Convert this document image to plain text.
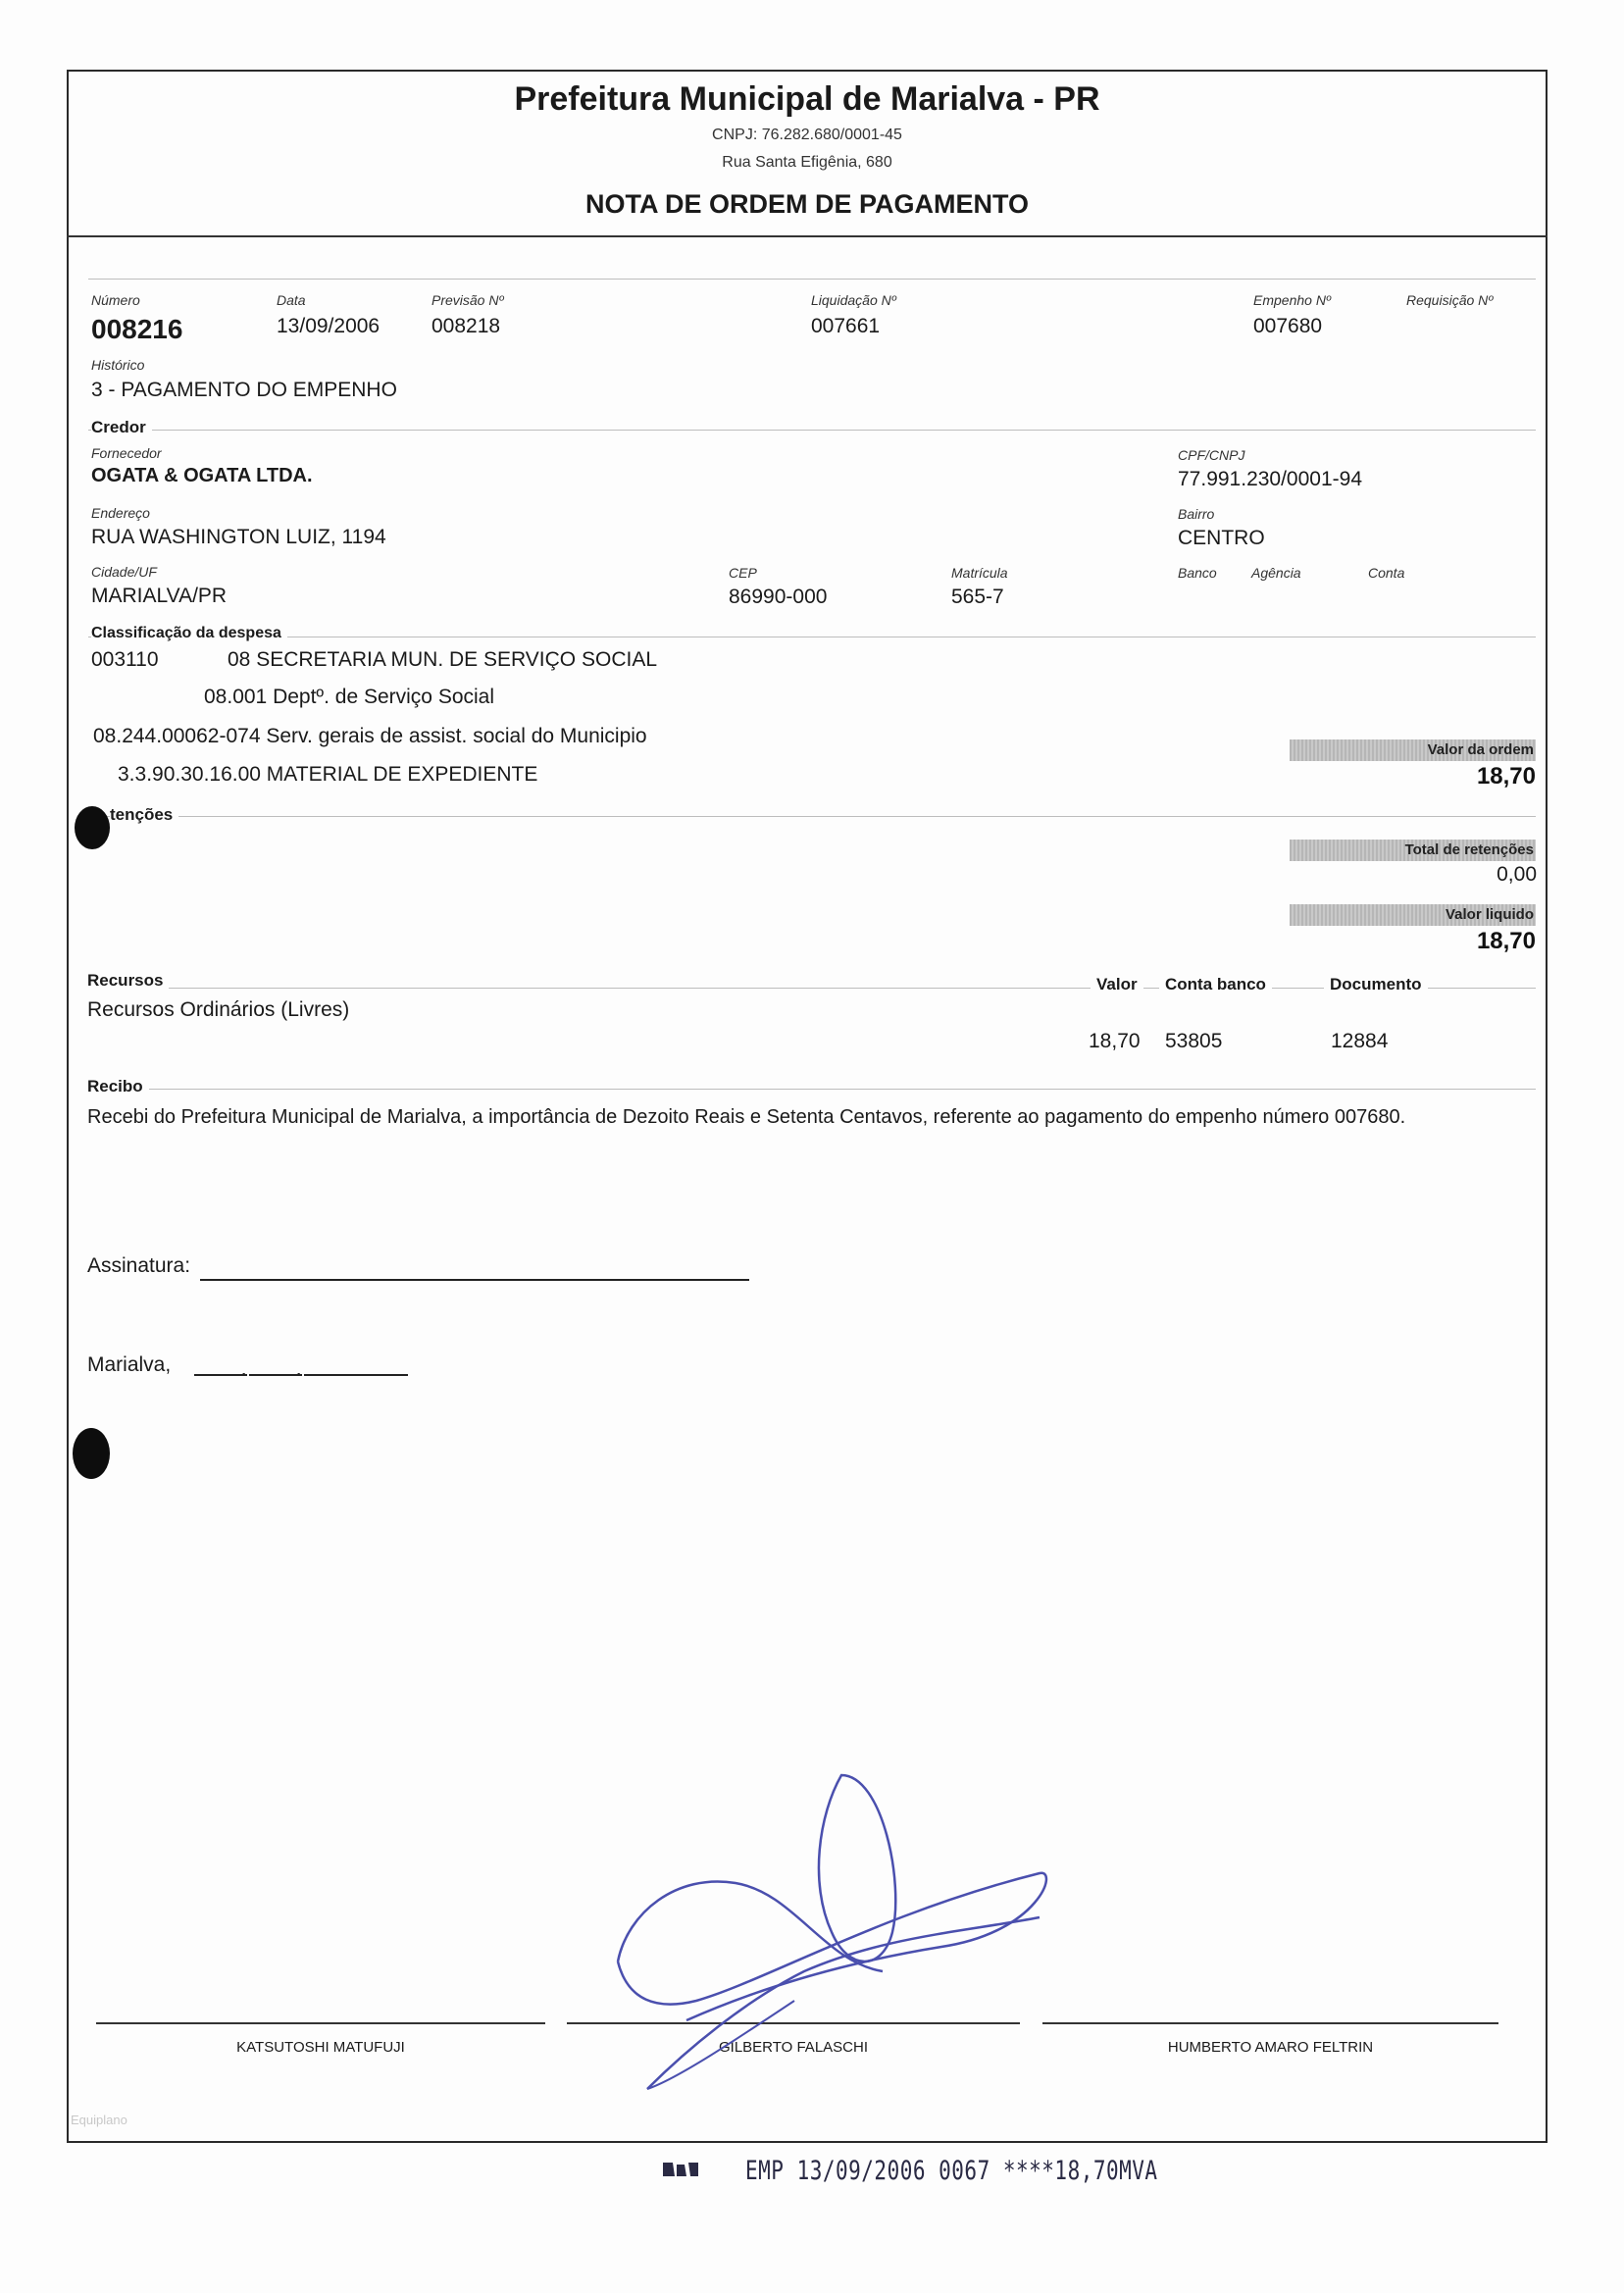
Prefeitura Municipal de Marialva - PR
CNPJ: 76.282.680/0001-45
Rua Santa Efigênia, 680
NOTA DE ORDEM DE PAGAMENTO
Número
008216
Data
13/09/2006
Previsão Nº
008218
Liquidação Nº
007661
Empenho Nº
007680
Requisição Nº
Histórico
3 - PAGAMENTO DO EMPENHO
Credor
Fornecedor
OGATA & OGATA LTDA.
CPF/CNPJ
77.991.230/0001-94
Endereço
RUA WASHINGTON LUIZ, 1194
Bairro
CENTRO
Cidade/UF
MARIALVA/PR
CEP
86990-000
Matrícula
565-7
Banco	Agência	Conta
Classificação da despesa
003110	08 SECRETARIA MUN. DE SERVIÇO SOCIAL
08.001 Deptº. de Serviço Social
08.244.00062-074 Serv. gerais de assist. social do Municipio
3.3.90.30.16.00 MATERIAL DE EXPEDIENTE
Valor da ordem
18,70
tenções
Total de retenções
0,00
Valor liquido
18,70
Recursos	Valor	Conta banco	Documento
Recursos Ordinários (Livres)
18,70 53805	12884
Recibo
Recebi do Prefeitura Municipal de Marialva, a importância de Dezoito Reais e Setenta Centavos, referente ao pagamento do empenho número 007680.
Assinatura:
Marialva,
KATSUTOSHI MATUFUJI	GILBERTO FALASCHI	HUMBERTO AMARO FELTRIN
Equiplano
EMP 13/09/2006 0067 ****18,70MVA
